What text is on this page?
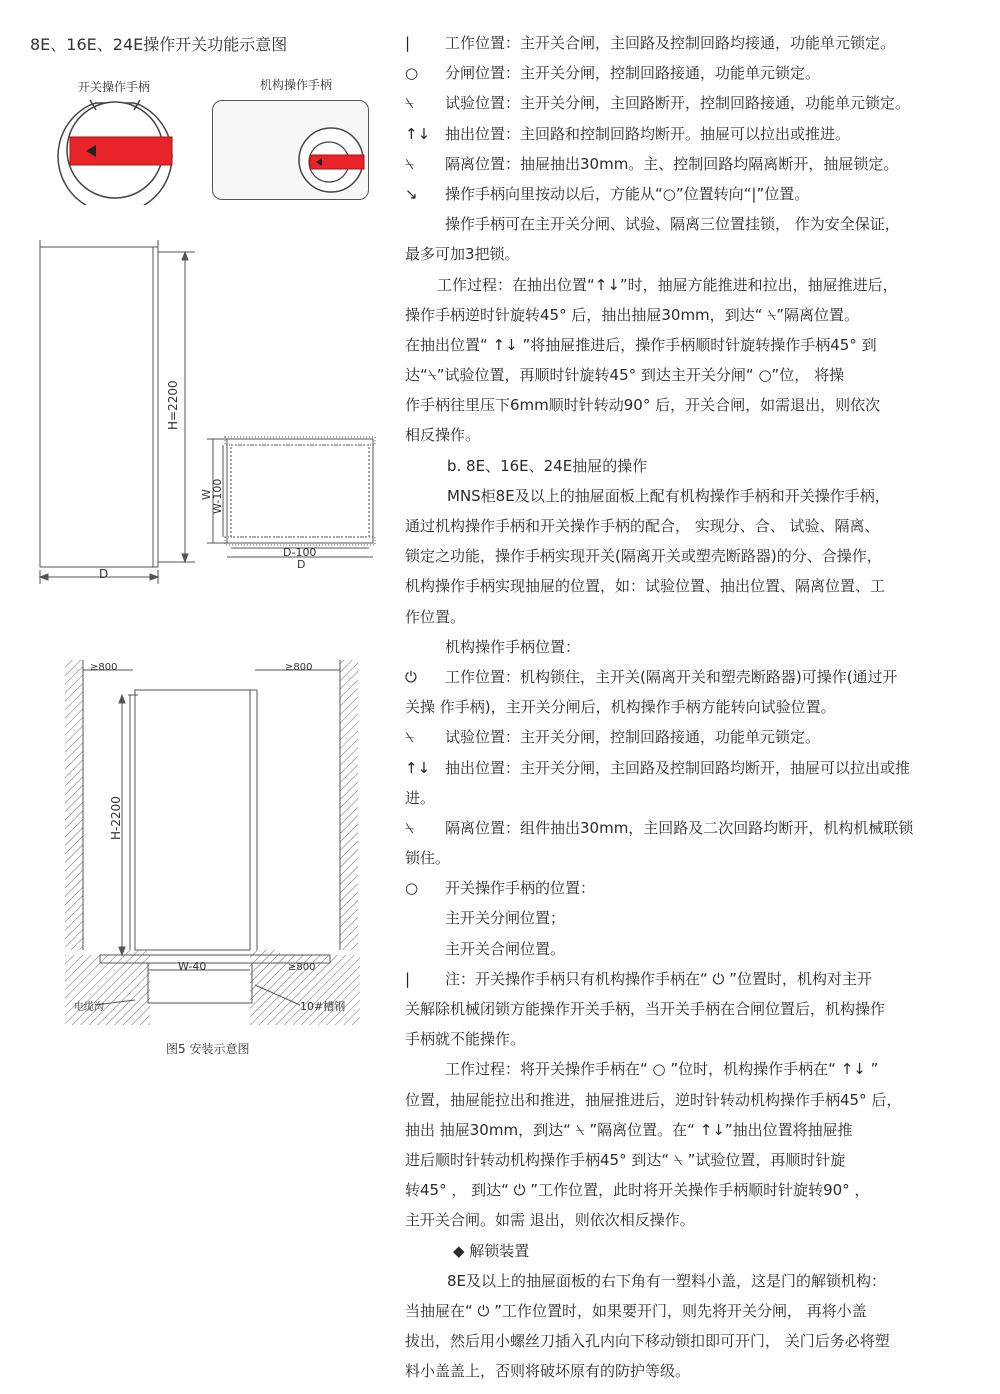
8E、16E、24E操作开关功能示意图
开关操作手柄	机构操作手柄
H=2200
D
W
W-100
D-100
D
≥800	≥800
H-2200
W-40	≥800
电缆沟	10#槽钢
图5 安装示意图
| 工作位置：主开关合闸，主回路及控制回路均接通，功能单元锁定。
○ 分闸位置：主开关分闸，控制回路接通，功能单元锁定。
⍀ 试验位置：主开关分闸，主回路断开，控制回路接通，功能单元锁定。
↑↓ 抽出位置：主回路和控制回路均断开。抽屉可以拉出或推进。
⍀ 隔离位置：抽屉抽出30mm。主、控制回路均隔离断开，抽屉锁定。
↘ 操作手柄向里按动以后，方能从“○”位置转向“|”位置。
操作手柄可在主开关分闸、试验、隔离三位置挂锁， 作为安全保证，
最多可加3把锁。
工作过程：在抽出位置“↑↓”时，抽屉方能推进和拉出，抽屉推进后，
操作手柄逆时针旋转45° 后，抽出抽屉30mm，到达“ ⍀”隔离位置。
在抽出位置“ ↑↓ ”将抽屉推进后，操作手柄顺时针旋转操作手柄45° 到
达“⍀”试验位置，再顺时针旋转45° 到达主开关分闸“ ○”位， 将操
作手柄往里压下6mm顺时针转动90° 后，开关合闸，如需退出，则依次
相反操作。
b. 8E、16E、24E抽屉的操作
MNS柜8E及以上的抽屉面板上配有机构操作手柄和开关操作手柄，
通过机构操作手柄和开关操作手柄的配合， 实现分、合、 试验、隔离、
锁定之功能，操作手柄实现开关(隔离开关或塑壳断路器)的分、合操作，
机构操作手柄实现抽屉的位置，如：试验位置、抽出位置、隔离位置、工
作位置。
机构操作手柄位置：
⏻ 工作位置：机构锁住，主开关(隔离开关和塑壳断路器)可操作(通过开
关操 作手柄)，主开关分闸后，机构操作手柄方能转向试验位置。
⍀ 试验位置：主开关分闸，控制回路接通，功能单元锁定。
↑↓ 抽出位置：主开关分闸，主回路及控制回路均断开，抽屉可以拉出或推
进。
⍀ 隔离位置：组件抽出30mm，主回路及二次回路均断开，机构机械联锁
锁住。
○ 开关操作手柄的位置：
主开关分闸位置；
主开关合闸位置。
| 注：开关操作手柄只有机构操作手柄在“ ⏻ ”位置时，机构对主开
关解除机械闭锁方能操作开关手柄，当开关手柄在合闸位置后，机构操作
手柄就不能操作。
工作过程：将开关操作手柄在“ ○ ”位时，机构操作手柄在“ ↑↓ ”
位置，抽屉能拉出和推进，抽屉推进后，逆时针转动机构操作手柄45° 后，
抽出 抽屉30mm，到达“ ⍀ ”隔离位置。在“ ↑↓”抽出位置将抽屉推
进后顺时针转动机构操作手柄45° 到达“ ⍀ ”试验位置，再顺时针旋
转45° ， 到达“ ⏻ ”工作位置，此时将开关操作手柄顺时针旋转90° ，
主开关合闸。如需 退出，则依次相反操作。
◆ 解锁装置
8E及以上的抽屉面板的右下角有一塑料小盖，这是门的解锁机构：
当抽屉在“ ⏻ ”工作位置时，如果要开门，则先将开关分闸， 再将小盖
拔出，然后用小螺丝刀插入孔内向下移动锁扣即可开门， 关门后务必将塑
料小盖盖上，否则将破坏原有的防护等级。
